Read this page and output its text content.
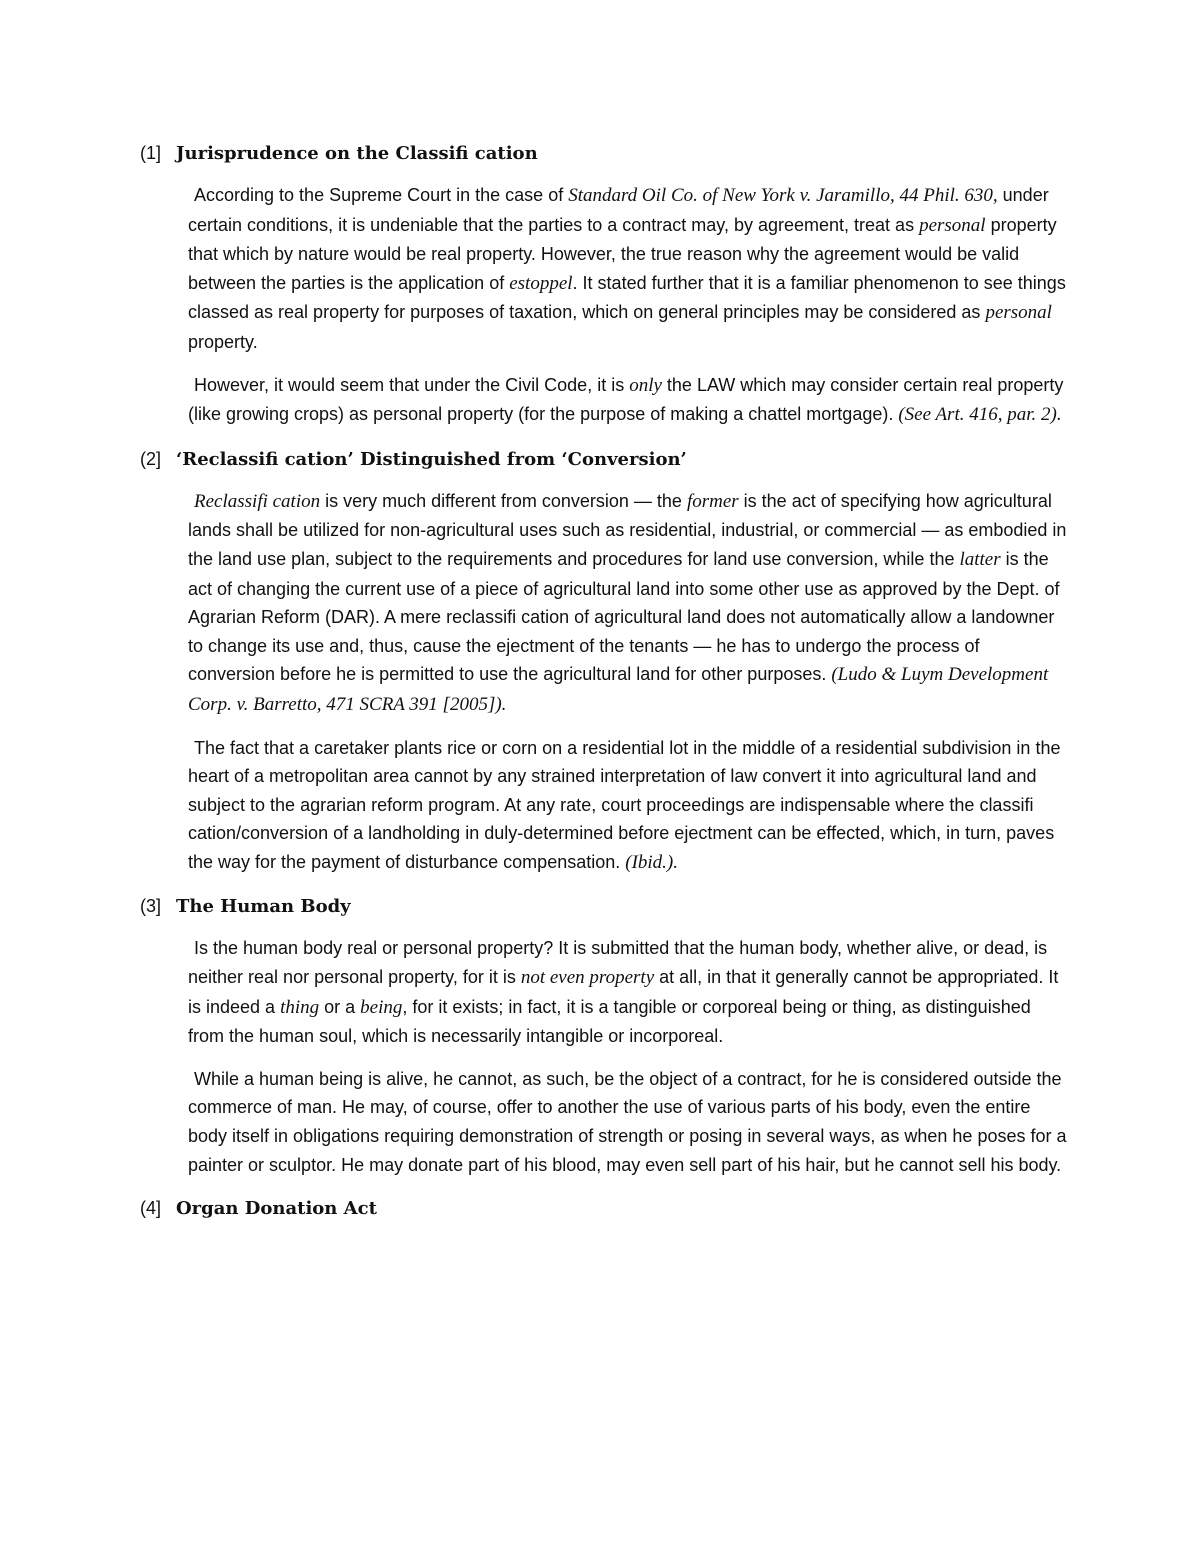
(1] Jurisprudence on the Classifi cation

According to the Supreme Court in the case of Standard Oil Co. of New York v. Jaramillo, 44 Phil. 630, under certain conditions, it is undeniable that the parties to a contract may, by agreement, treat as personal property that which by nature would be real property. However, the true reason why the agreement would be valid between the parties is the application of estoppel. It stated further that it is a familiar phenomenon to see things classed as real property for purposes of taxation, which on general principles may be considered as personal property.

However, it would seem that under the Civil Code, it is only the LAW which may consider certain real property (like growing crops) as personal property (for the purpose of making a chattel mortgage). (See Art. 416, par. 2).

(2] ‘Reclassifi cation’ Distinguished from ‘Conversion’

Reclassifi cation is very much different from conversion — the former is the act of specifying how agricultural lands shall be utilized for non-agricultural uses such as residential, industrial, or commercial — as embodied in the land use plan, subject to the requirements and procedures for land use conversion, while the latter is the act of changing the current use of a piece of agricultural land into some other use as approved by the Dept. of Agrarian Reform (DAR). A mere reclassifi cation of agricultural land does not automatically allow a landowner to change its use and, thus, cause the ejectment of the tenants — he has to undergo the process of conversion before he is permitted to use the agricultural land for other purposes. (Ludo & Luym Development Corp. v. Barretto, 471 SCRA 391 [2005]).

The fact that a caretaker plants rice or corn on a residential lot in the middle of a residential subdivision in the heart of a metropolitan area cannot by any strained interpretation of law convert it into agricultural land and subject to the agrarian reform program. At any rate, court proceedings are indispensable where the classifi cation/conversion of a landholding in duly-determined before ejectment can be effected, which, in turn, paves the way for the payment of disturbance compensation. (Ibid.).

(3] The Human Body

Is the human body real or personal property? It is submitted that the human body, whether alive, or dead, is neither real nor personal property, for it is not even property at all, in that it generally cannot be appropriated. It is indeed a thing or a being, for it exists; in fact, it is a tangible or corporeal being or thing, as distinguished from the human soul, which is necessarily intangible or incorporeal.

While a human being is alive, he cannot, as such, be the object of a contract, for he is considered outside the commerce of man. He may, of course, offer to another the use of various parts of his body, even the entire body itself in obligations requiring demonstration of strength or posing in several ways, as when he poses for a painter or sculptor. He may donate part of his blood, may even sell part of his hair, but he cannot sell his body.

(4] Organ Donation Act
